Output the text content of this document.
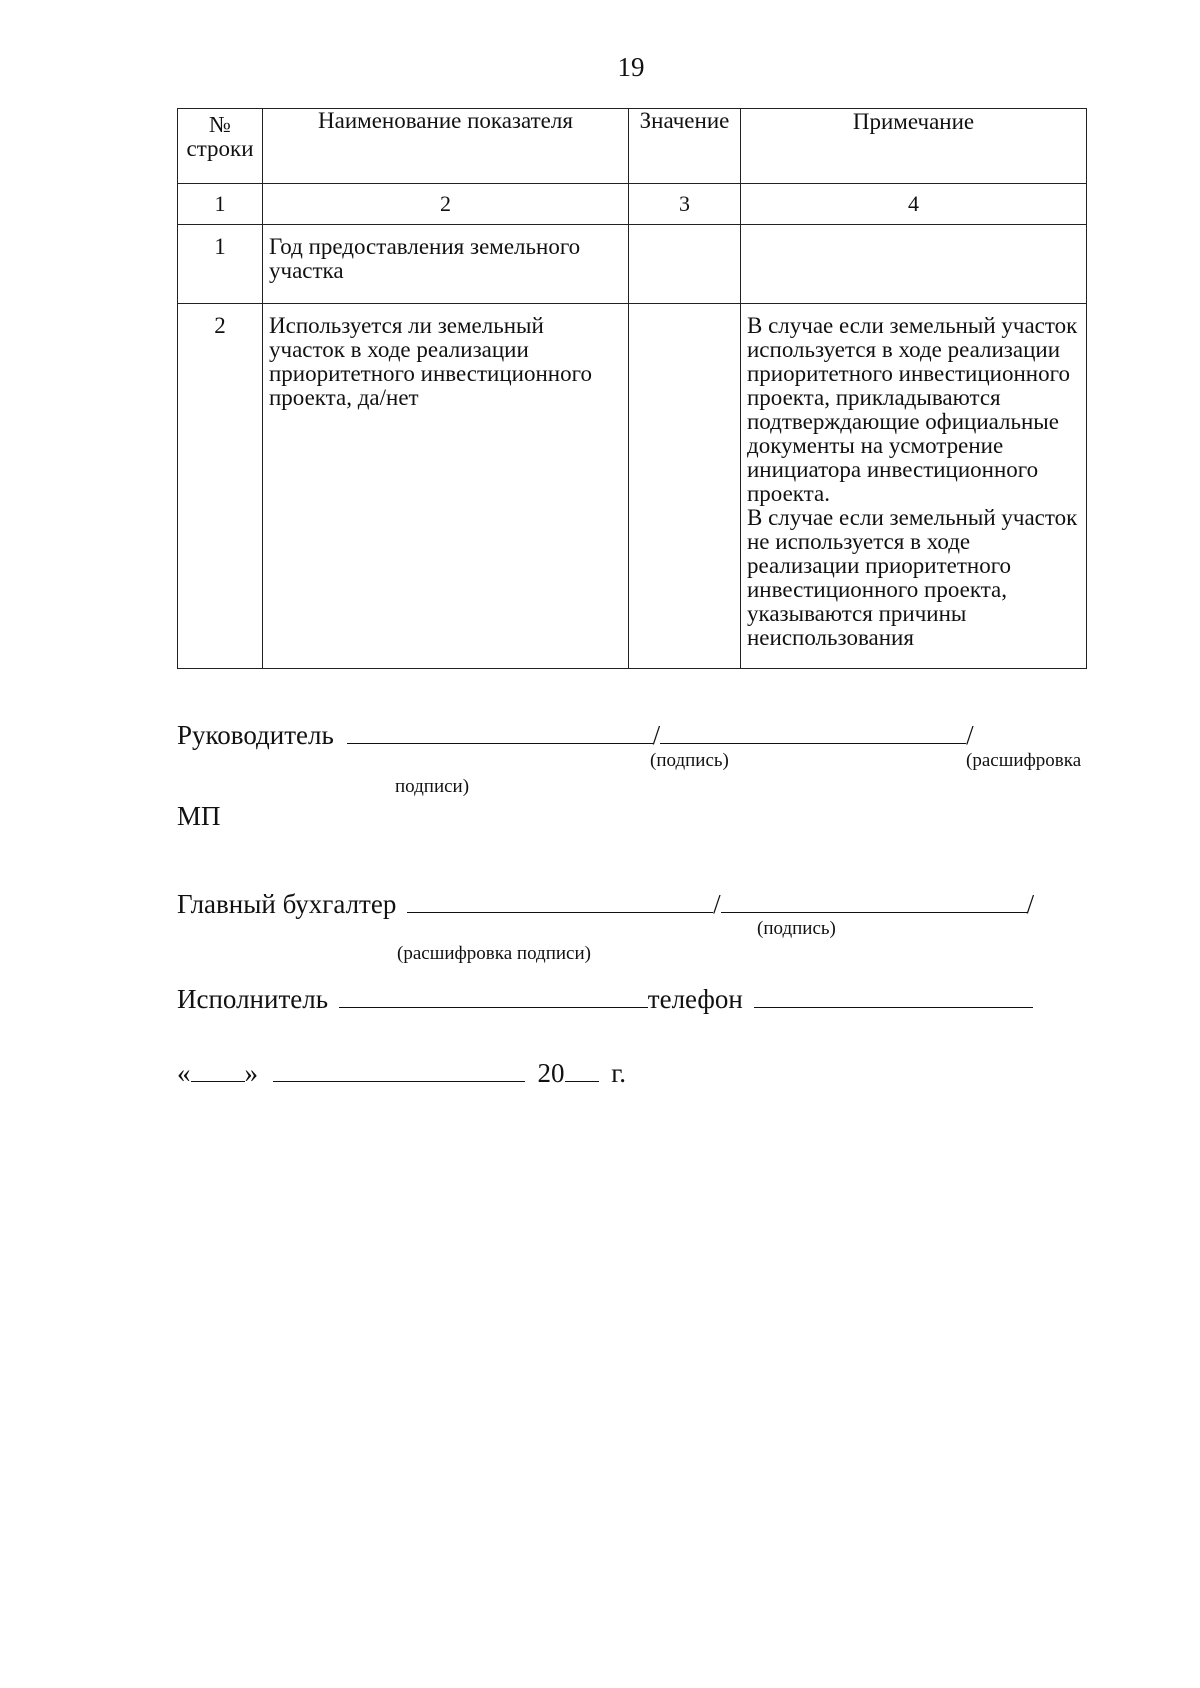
19
№ строки	Наименование показателя	Значение	Примечание
1	2	3	4
1	Год предоставления земельного участка		
2	Используется ли земельный участок в ходе реализации приоритетного инвестиционного проекта, да/нет		В случае если земельный участок используется в ходе реализации приоритетного инвестиционного проекта, прикладываются подтверждающие официальные документы на усмотрение инициатора инвестиционного проекта.
В случае если земельный участок не используется в ходе реализации приоритетного инвестиционного проекта, указываются причины неиспользования
Руководитель	/	/
(подпись)	(расшифровка
подписи)
МП
Главный бухгалтер	/	/
(подпись)
(расшифровка подписи)
Исполнитель	телефон
« »	20 г.
